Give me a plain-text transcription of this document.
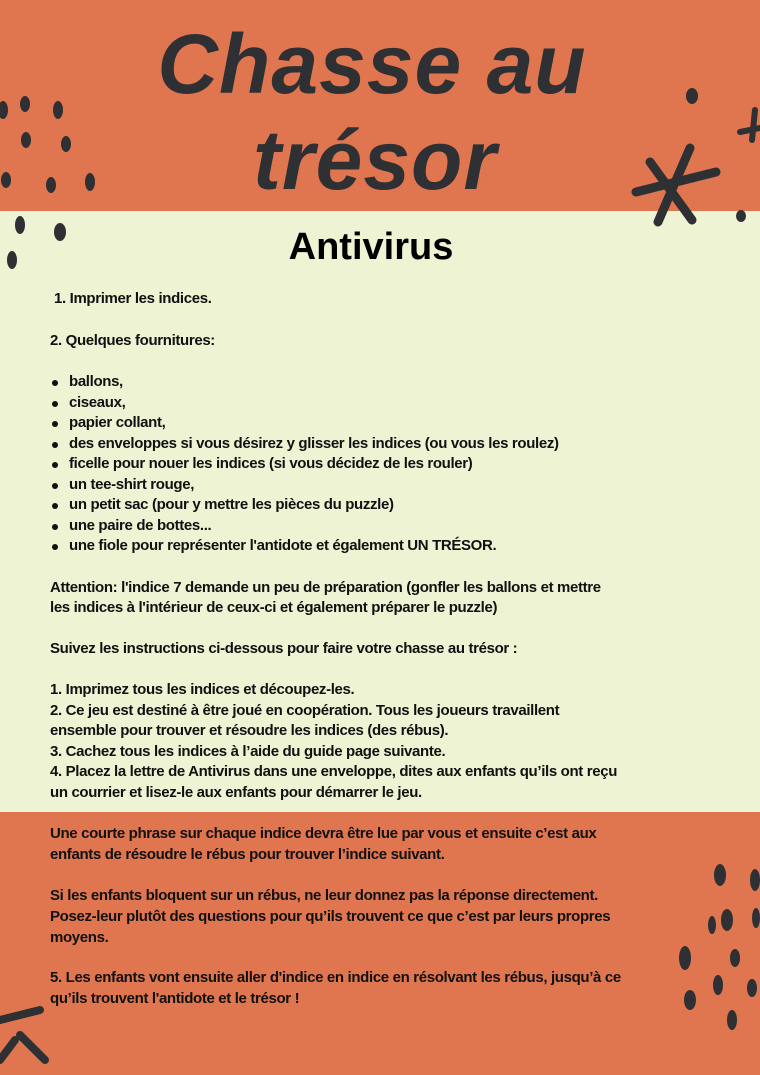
Chasse au
trésor
Antivirus
1. Imprimer les indices.
2. Quelques fournitures:
ballons,
ciseaux,
papier collant,
des enveloppes si vous désirez y glisser les indices (ou vous les roulez)
ficelle pour nouer les indices (si vous décidez de les rouler)
un tee-shirt rouge,
un petit sac (pour y mettre les pièces du puzzle)
une paire de bottes...
une fiole pour représenter l'antidote et également UN TRÉSOR.
Attention: l'indice 7 demande un peu de préparation (gonfler les ballons et mettre
les indices à l'intérieur de ceux-ci et également préparer le puzzle)
Suivez les instructions ci-dessous pour faire votre chasse au trésor :
1. Imprimez tous les indices et découpez-les.
2. Ce jeu est destiné à être joué en coopération. Tous les joueurs travaillent
ensemble pour trouver et résoudre les indices (des rébus).
3. Cachez tous les indices à l’aide du guide page suivante.
4. Placez la lettre de Antivirus dans une enveloppe, dites aux enfants qu’ils ont reçu
un courrier et lisez-le aux enfants pour démarrer le jeu.
Une courte phrase sur chaque indice devra être lue par vous et ensuite c’est aux
enfants de résoudre le rébus pour trouver l’indice suivant.
Si les enfants bloquent sur un rébus, ne leur donnez pas la réponse directement.
Posez-leur plutôt des questions pour qu’ils trouvent ce que c’est par leurs propres
moyens.
5. Les enfants vont ensuite aller d'indice en indice en résolvant les rébus, jusqu’à ce
qu’ils trouvent l'antidote et le trésor !
